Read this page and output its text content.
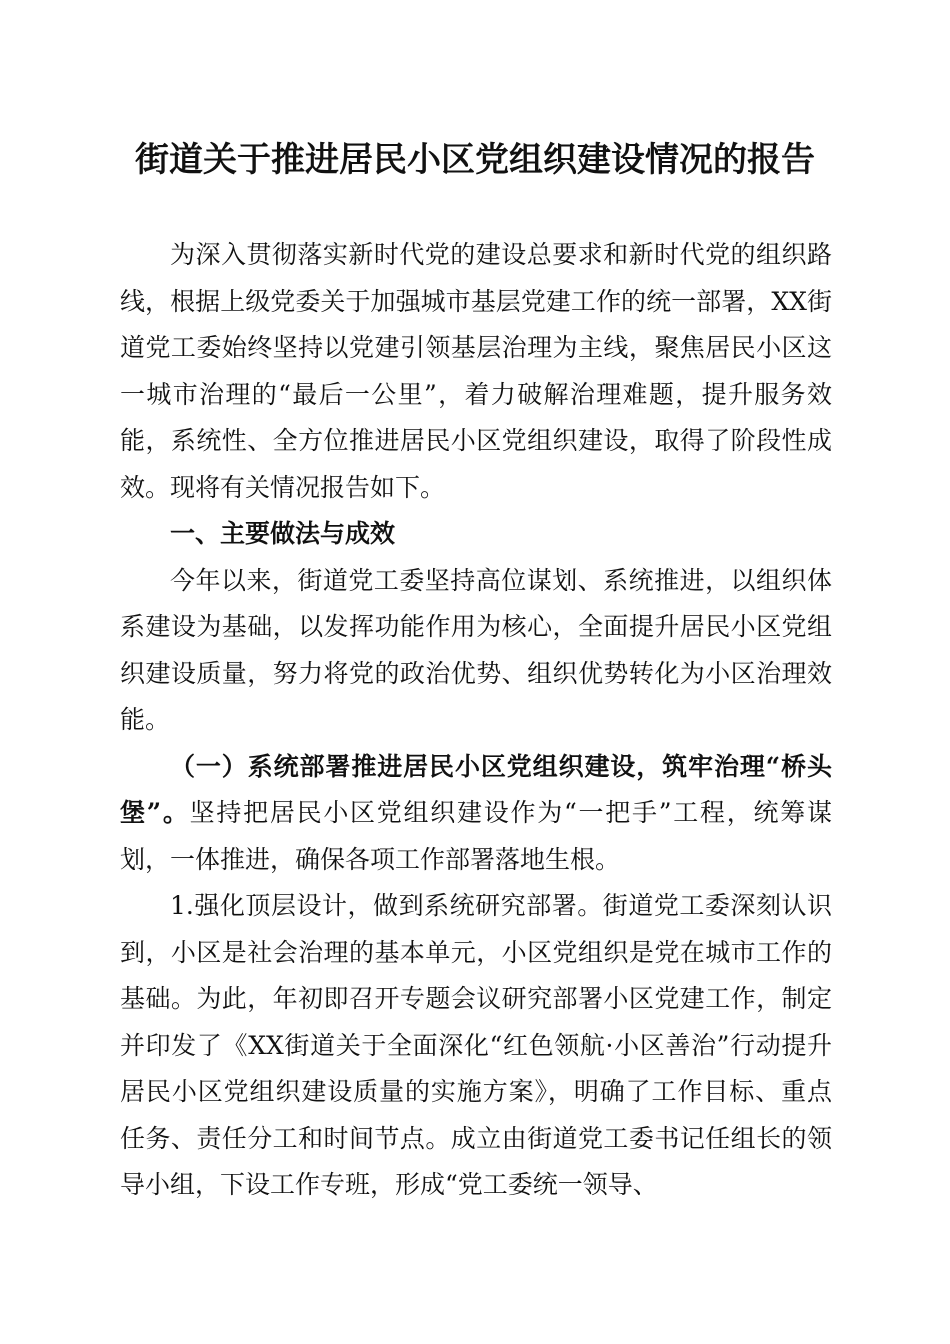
街道关于推进居民小区党组织建设情况的报告

为深入贯彻落实新时代党的建设总要求和新时代党的组织路线，根据上级党委关于加强城市基层党建工作的统一部署，XX街道党工委始终坚持以党建引领基层治理为主线，聚焦居民小区这一城市治理的“最后一公里”，着力破解治理难题，提升服务效能，系统性、全方位推进居民小区党组织建设，取得了阶段性成效。现将有关情况报告如下。

一、主要做法与成效

今年以来，街道党工委坚持高位谋划、系统推进，以组织体系建设为基础，以发挥功能作用为核心，全面提升居民小区党组织建设质量，努力将党的政治优势、组织优势转化为小区治理效能。

（一）系统部署推进居民小区党组织建设，筑牢治理“桥头堡”。坚持把居民小区党组织建设作为“一把手”工程，统筹谋划，一体推进，确保各项工作部署落地生根。

1.强化顶层设计，做到系统研究部署。街道党工委深刻认识到，小区是社会治理的基本单元，小区党组织是党在城市工作的基础。为此，年初即召开专题会议研究部署小区党建工作，制定并印发了《XX街道关于全面深化“红色领航·小区善治”行动提升居民小区党组织建设质量的实施方案》，明确了工作目标、重点任务、责任分工和时间节点。成立由街道党工委书记任组长的领导小组，下设工作专班，形成“党工委统一领导、
